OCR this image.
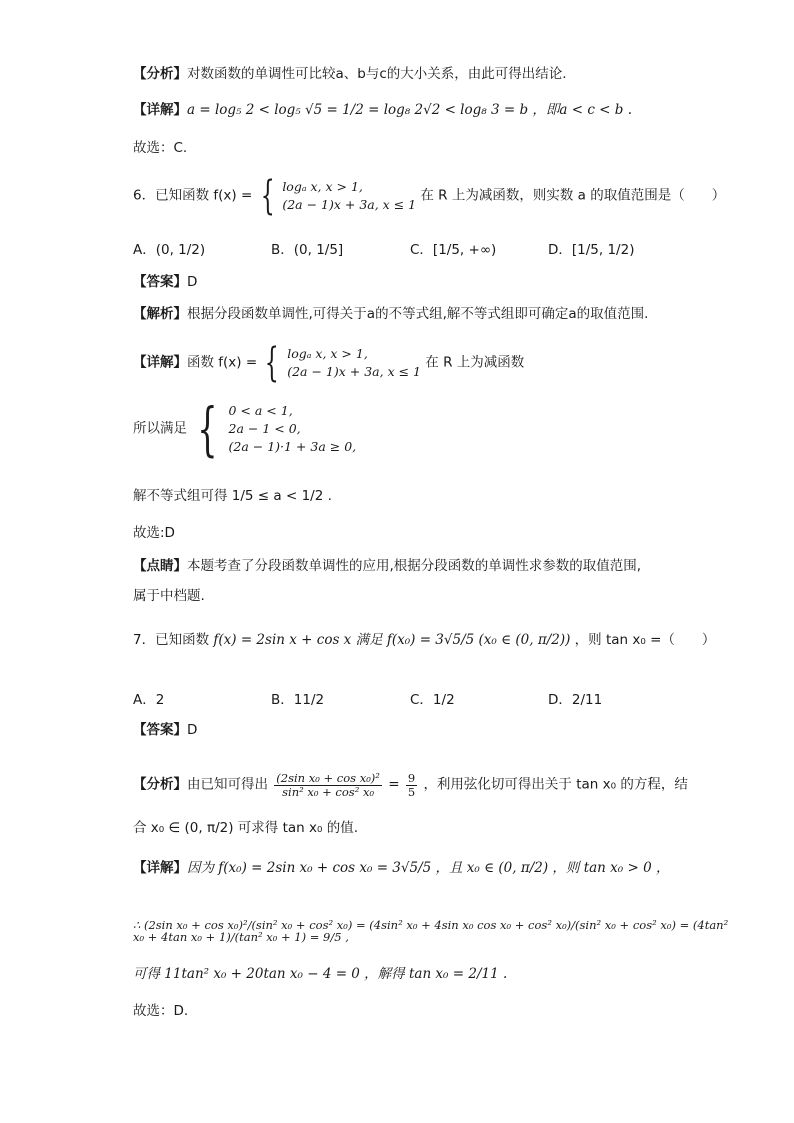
【分析】对数函数的单调性可比较a、b与c的大小关系，由此可得出结论.
【详解】a = log₅ 2 < log₅ √5 = 1/2 = log₈ 2√2 < log₈ 3 = b ，即a < c < b .
故选：C.
6．已知函数 f(x) = { logₐ x, x > 1,
(2a − 1)x + 3a, x ≤ 1
在 R 上为减函数，则实数 a 的取值范围是（　　）
A．(0, 1/2)	B．(0, 1/5]	C．[1/5, +∞)	D．[1/5, 1/2)
【答案】D
【解析】根据分段函数单调性,可得关于a的不等式组,解不等式组即可确定a的取值范围.
【详解】函数 f(x) = { logₐ x, x > 1,
(2a − 1)x + 3a, x ≤ 1
在 R 上为减函数
所以满足 { 0 < a < 1,
2a − 1 < 0,
(2a − 1)·1 + 3a ≥ 0,
解不等式组可得 1/5 ≤ a < 1/2 .
故选:D
【点睛】本题考查了分段函数单调性的应用,根据分段函数的单调性求参数的取值范围,
属于中档题.
7．已知函数 f(x) = 2sin x + cos x 满足 f(x₀) = 3√5/5 (x₀ ∈ (0, π/2)) ，则 tan x₀ =（　　）
A．2	B．11/2	C．1/2	D．2/11
【答案】D
【分析】由已知可得出 $\frac{\text{(2sin x₀ + cos x₀)²}}{\text{sin² x₀ + cos² x₀}} = \frac{9}{5}$ ，利用弦化切可得出关于 tan x₀ 的方程，结
合 x₀ ∈ (0, π/2) 可求得 tan x₀ 的值.
【详解】因为 f(x₀) = 2sin x₀ + cos x₀ = 3√5/5 ，且 x₀ ∈ (0, π/2) ，则 tan x₀ > 0 ，
∴ (2sin x₀ + cos x₀)²/(sin² x₀ + cos² x₀) = (4sin² x₀ + 4sin x₀ cos x₀ + cos² x₀)/(sin² x₀ + cos² x₀) = (4tan² x₀ + 4tan x₀ + 1)/(tan² x₀ + 1) = 9/5 ,
可得 11tan² x₀ + 20tan x₀ − 4 = 0 ，解得 tan x₀ = 2/11 .
故选：D.
